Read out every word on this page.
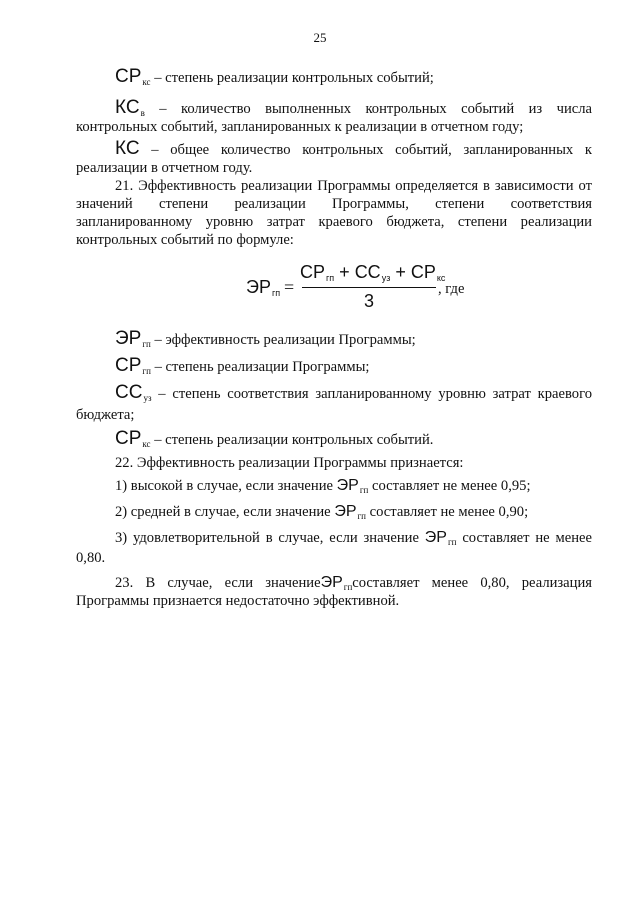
25
$СР_{кс}$ – степень реализации контрольных событий;
$КС_в$ – количество выполненных контрольных событий из числа
контрольных событий, запланированных к реализации в отчетном году;
КС – общее количество контрольных событий, запланированных к
реализации в отчетном году.
21. Эффективность реализации Программы определяется в зависимости от
значений степени реализации Программы, степени соответствия
запланированному уровню затрат краевого бюджета, степени реализации
контрольных событий по формуле:
$ЭР_{гп}$ =
$СР_{гп} + СС_{уз} + СР_{кс}$
3
, где
$ЭР_{гп}$ – эффективность реализации Программы;
$СР_{гп}$ – степень реализации Программы;
$СС_{уз}$ – степень соответствия запланированному уровню затрат краевого
бюджета;
$СР_{кс}$ – степень реализации контрольных событий.
22. Эффективность реализации Программы признается:
1) высокой в случае, если значение $ЭР_{гп}$ составляет не менее 0,95;
2) средней в случае, если значение $ЭР_{гп}$ составляет не менее 0,90;
3) удовлетворительной в случае, если значение $ЭР_{гп}$ составляет не менее
0,80.
23. В случае, если значениеЭР$_{гп}$составляет менее 0,80, реализация
Программы признается недостаточно эффективной.
